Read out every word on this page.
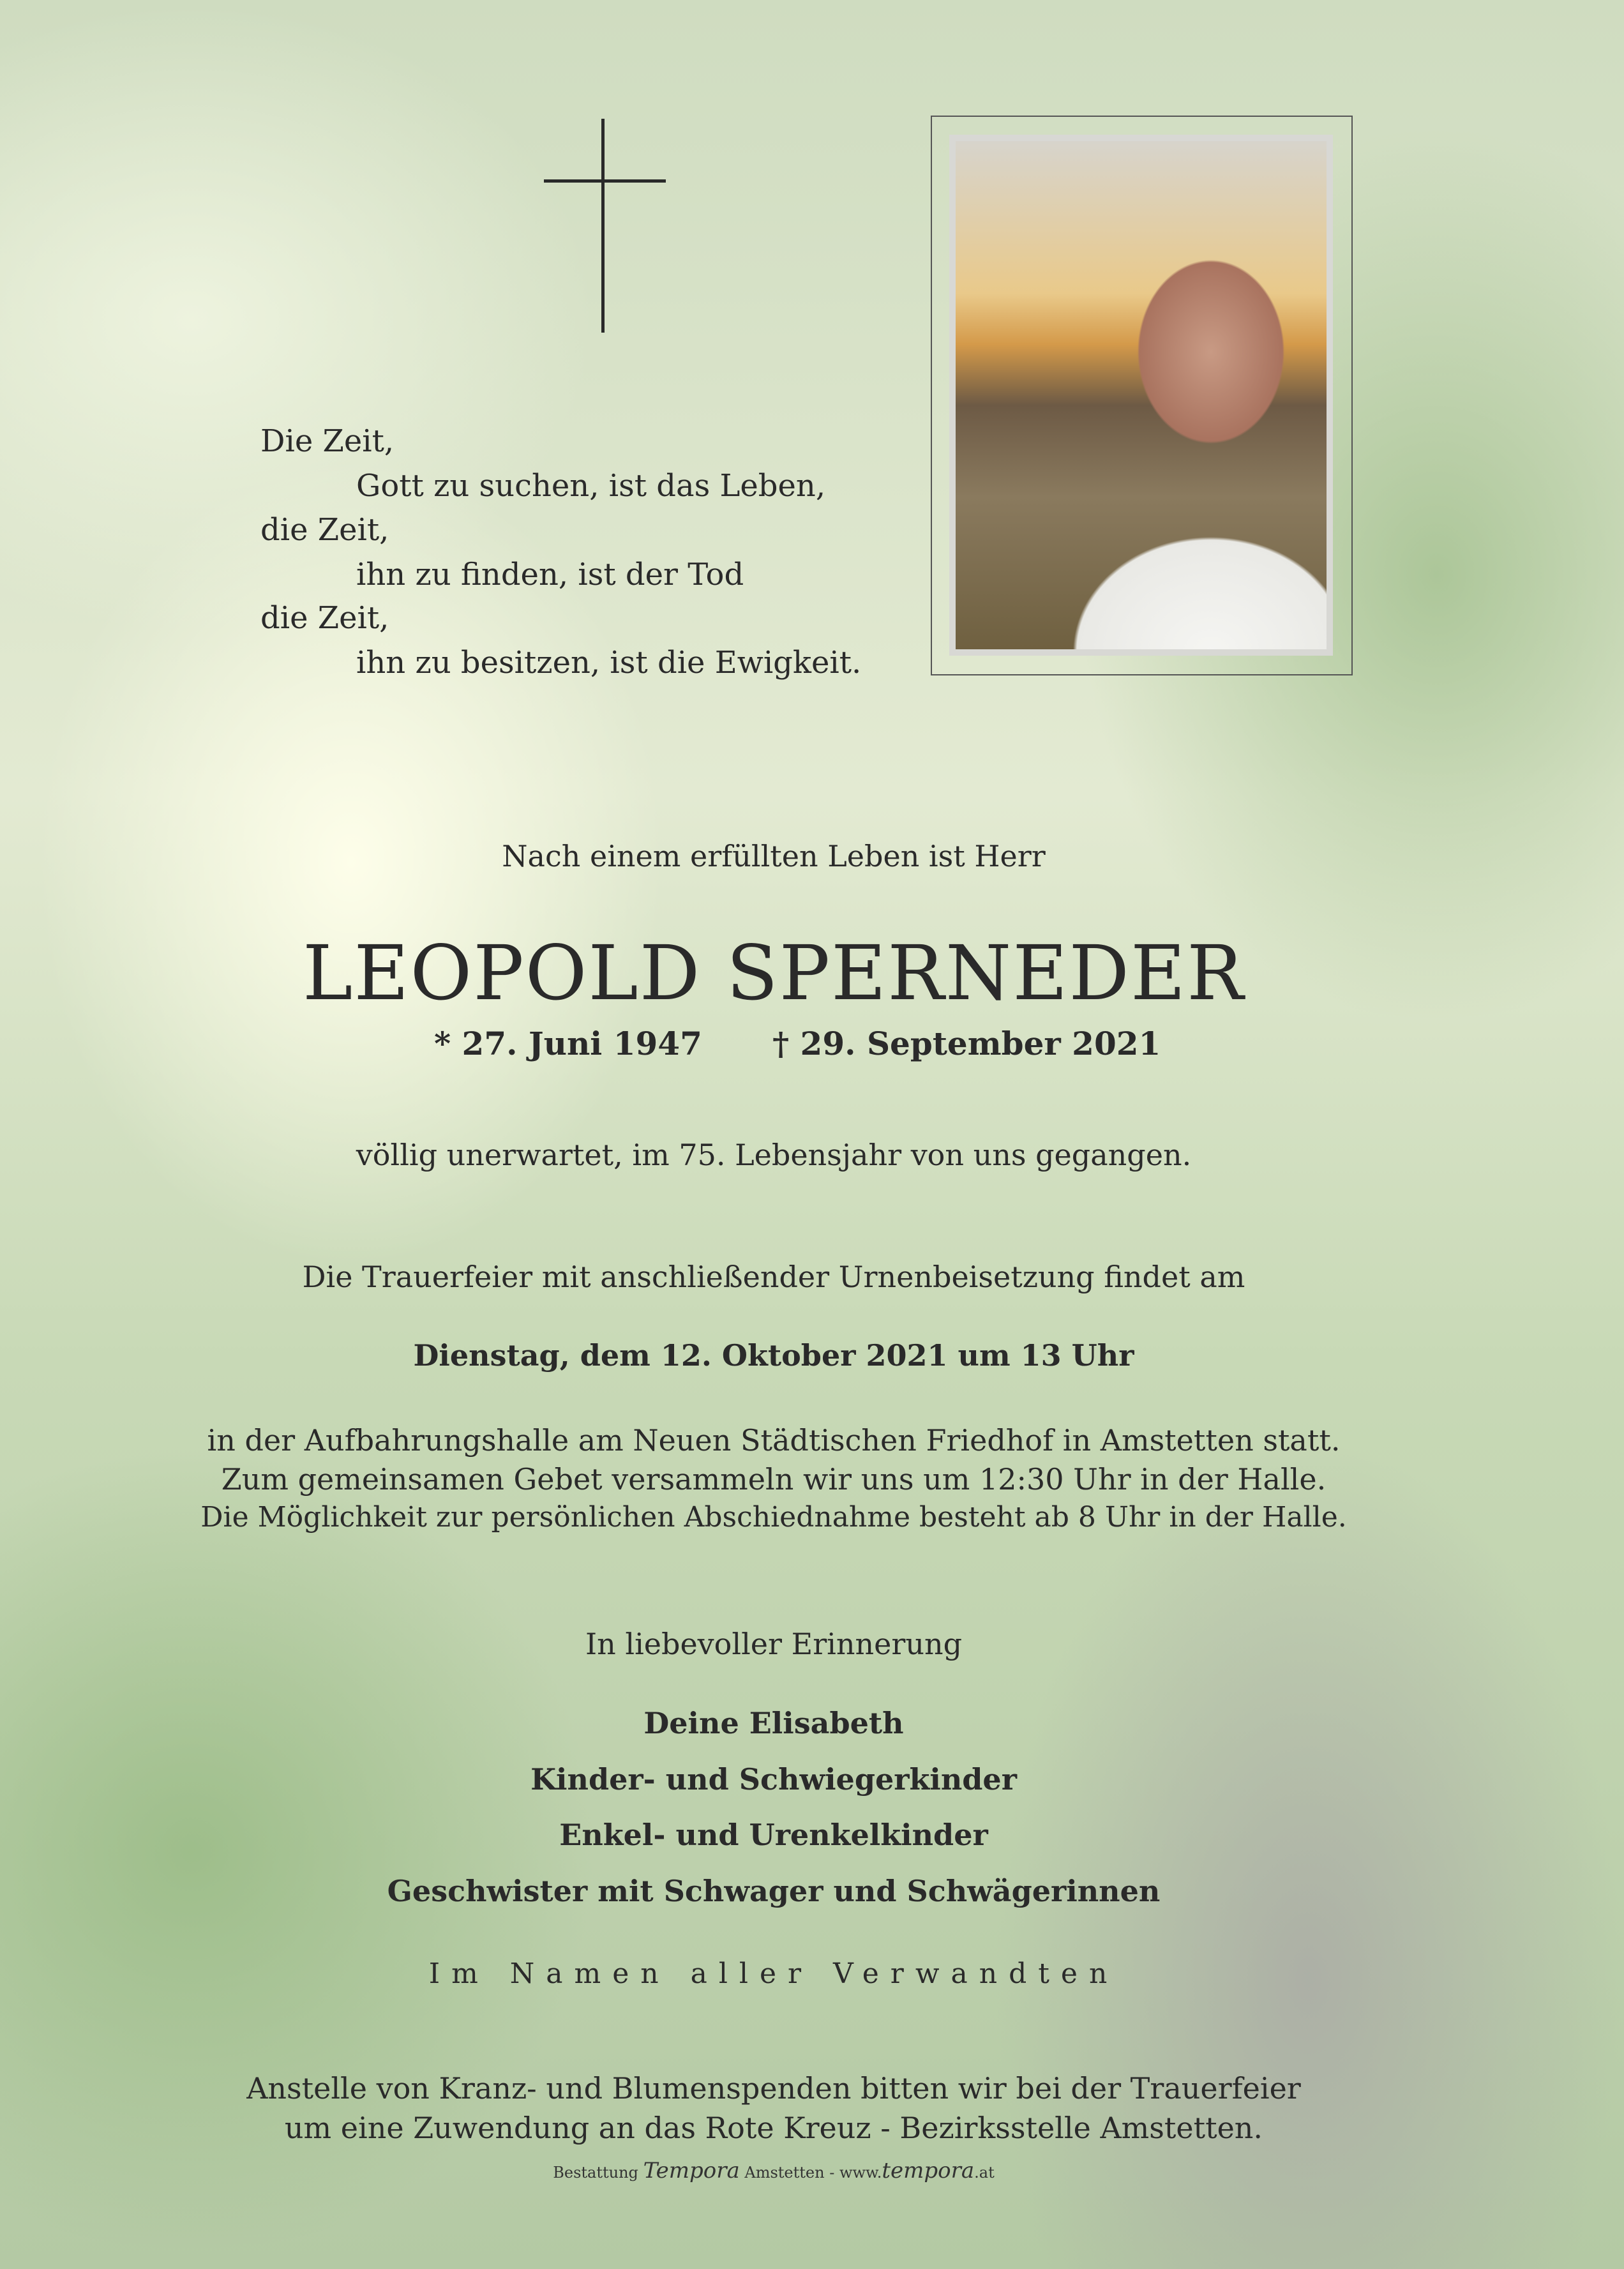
Die Zeit,
Gott zu suchen, ist das Leben,
die Zeit,
ihn zu finden, ist der Tod
die Zeit,
ihn zu besitzen, ist die Ewigkeit.
Nach einem erfüllten Leben ist Herr
LEOPOLD SPERNEDER
* 27. Juni 1947 † 29. September 2021
völlig unerwartet, im 75. Lebensjahr von uns gegangen.
Die Trauerfeier mit anschließender Urnenbeisetzung findet am
Dienstag, dem 12. Oktober 2021 um 13 Uhr
in der Aufbahrungshalle am Neuen Städtischen Friedhof in Amstetten statt.
Zum gemeinsamen Gebet versammeln wir uns um 12:30 Uhr in der Halle.
Die Möglichkeit zur persönlichen Abschiednahme besteht ab 8 Uhr in der Halle.
In liebevoller Erinnerung
Deine Elisabeth
Kinder- und Schwiegerkinder
Enkel- und Urenkelkinder
Geschwister mit Schwager und Schwägerinnen
Im Namen aller Verwandten
Anstelle von Kranz- und Blumenspenden bitten wir bei der Trauerfeier
um eine Zuwendung an das Rote Kreuz - Bezirksstelle Amstetten.
Bestattung Tempora Amstetten - www.tempora.at
